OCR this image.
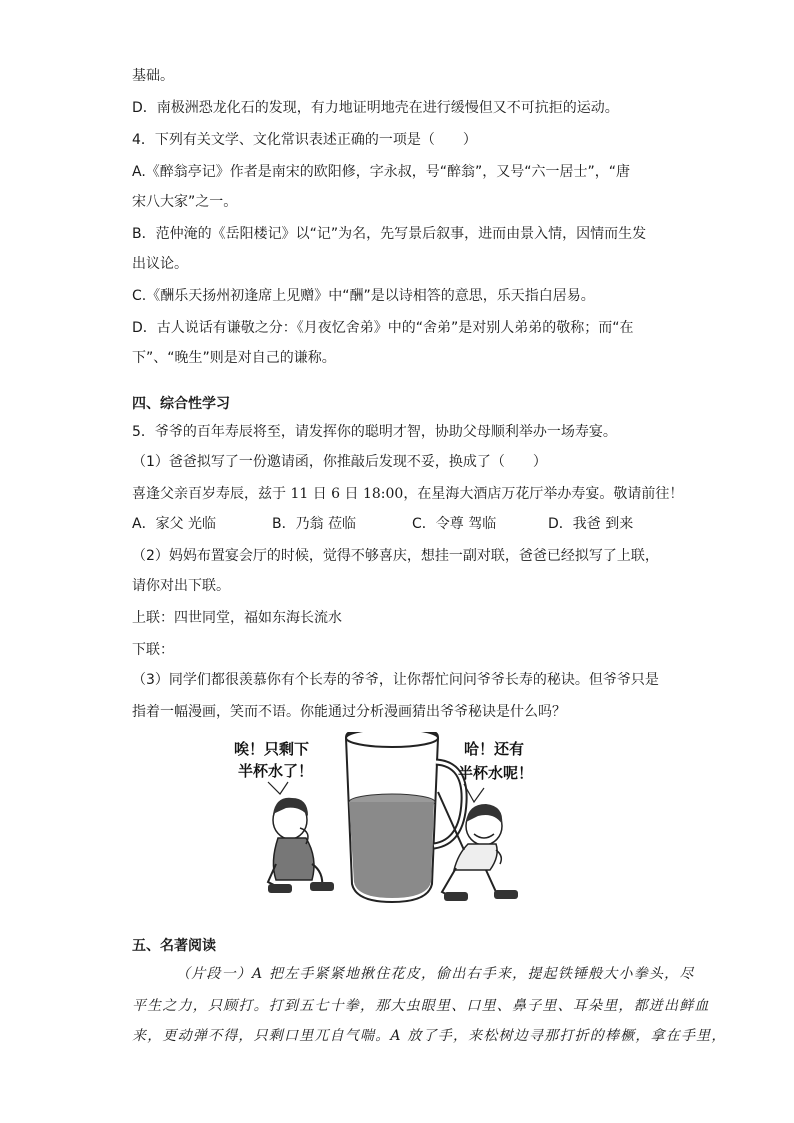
基础。
D．南极洲恐龙化石的发现，有力地证明地壳在进行缓慢但又不可抗拒的运动。
4．下列有关文学、文化常识表述正确的一项是（　　）
A.《醉翁亭记》作者是南宋的欧阳修，字永叔，号“醉翁”，又号“六一居士”，“唐
宋八大家”之一。
B．范仲淹的《岳阳楼记》以“记”为名，先写景后叙事，进而由景入情，因情而生发
出议论。
C.《酬乐天扬州初逢席上见赠》中“酬”是以诗相答的意思，乐天指白居易。
D．古人说话有谦敬之分：《月夜忆舍弟》中的“舍弟”是对别人弟弟的敬称；而“在
下”、“晚生”则是对自己的谦称。
四、综合性学习
5．爷爷的百年寿辰将至，请发挥你的聪明才智，协助父母顺利举办一场寿宴。
（1）爸爸拟写了一份邀请函，你推敲后发现不妥，换成了（　　）
喜逢父亲百岁寿辰，兹于 11 日 6 日 18:00，在星海大酒店万花厅举办寿宴。敬请前往！
A．家父 光临	B．乃翁 莅临	C．令尊 驾临	D．我爸 到来
（2）妈妈布置宴会厅的时候，觉得不够喜庆，想挂一副对联，爸爸已经拟写了上联，
请你对出下联。
上联：四世同堂，福如东海长流水
下联：
（3）同学们都很羡慕你有个长寿的爷爷，让你帮忙问问爷爷长寿的秘诀。但爷爷只是
指着一幅漫画，笑而不语。你能通过分析漫画猜出爷爷秘诀是什么吗？
唉！只剩下
半杯水了！
哈！还有
半杯水呢！
五、名著阅读
（片段一）A 把左手紧紧地揪住花皮，偷出右手来，提起铁锤般大小拳头，尽
平生之力，只顾打。打到五七十拳，那大虫眼里、口里、鼻子里、耳朵里，都迸出鲜血
来，更动弹不得，只剩口里兀自气喘。A 放了手，来松树边寻那打折的棒橛，拿在手里，
